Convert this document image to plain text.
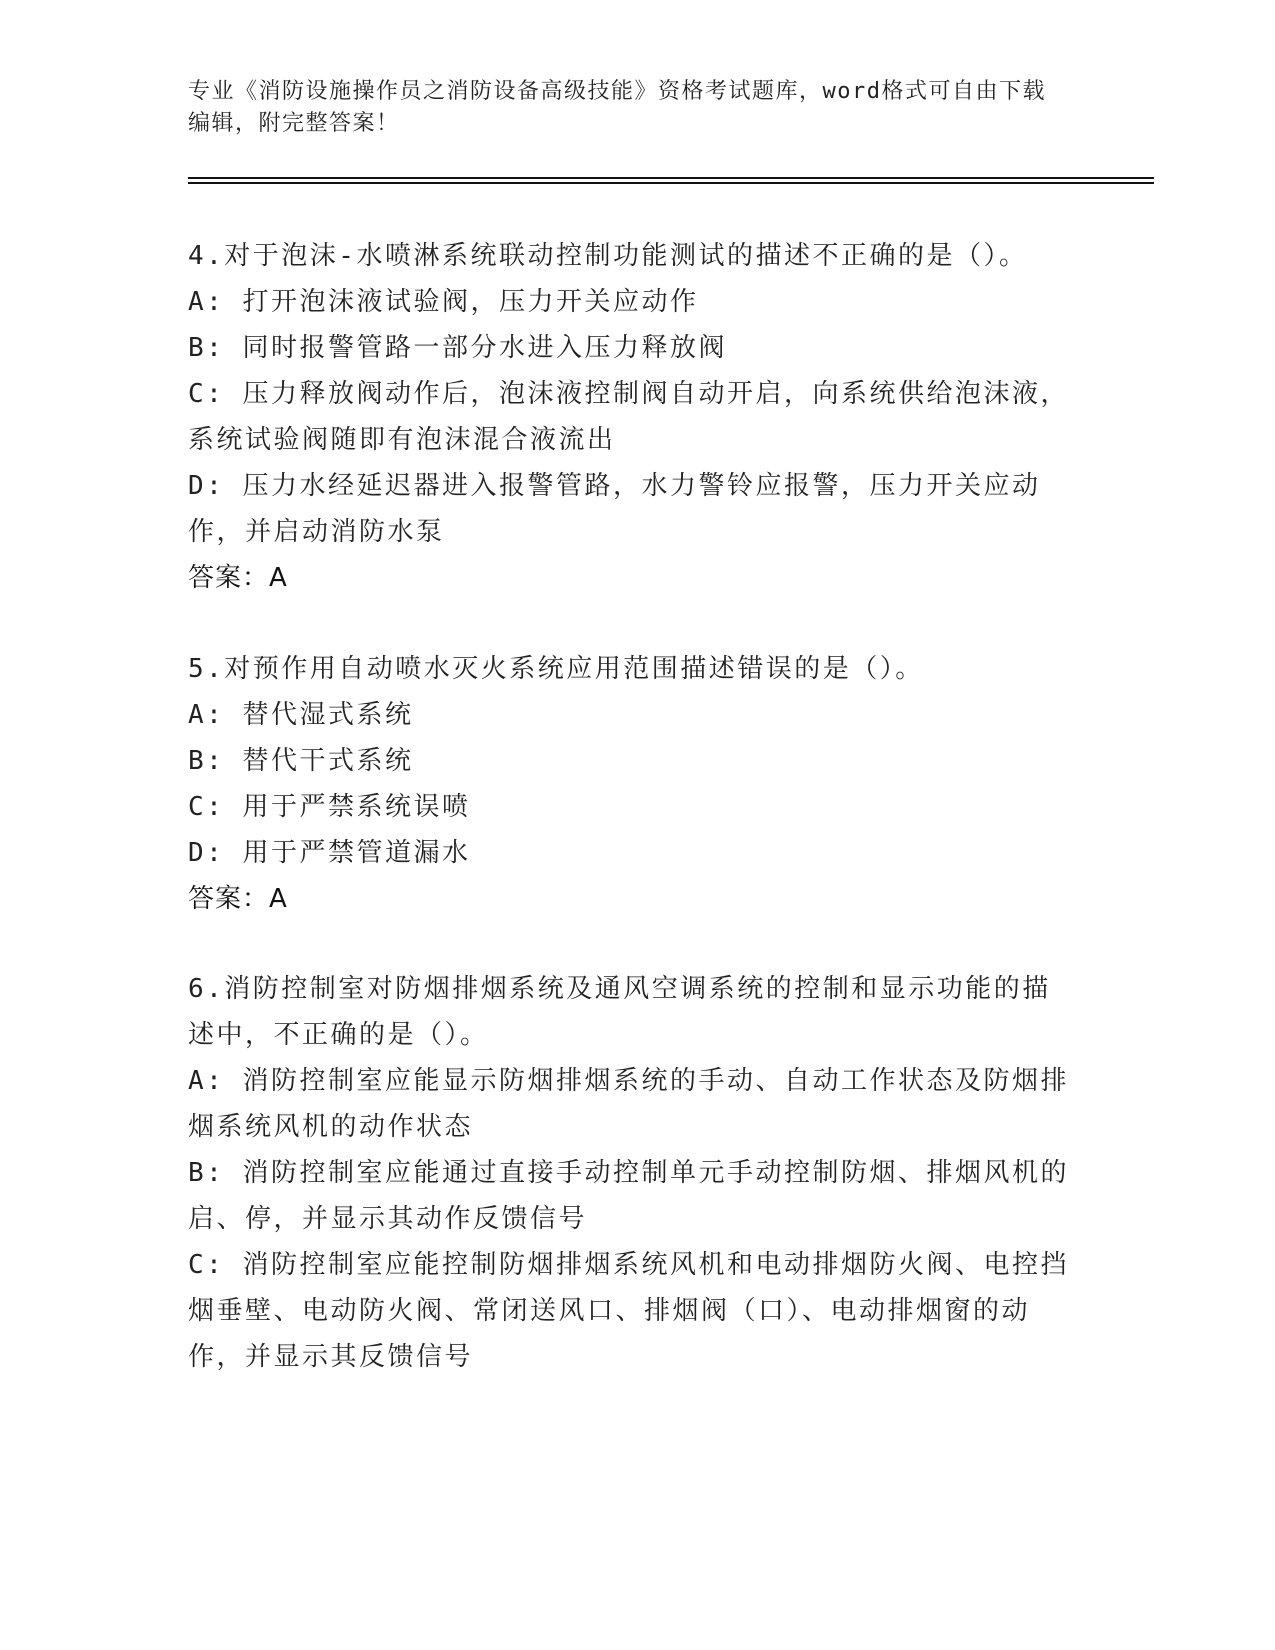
专业《消防设施操作员之消防设备高级技能》资格考试题库，word格式可自由下载编辑，附完整答案！

4.对于泡沫-水喷淋系统联动控制功能测试的描述不正确的是（）。

A: 打开泡沫液试验阀，压力开关应动作

B: 同时报警管路一部分水进入压力释放阀

C: 压力释放阀动作后，泡沫液控制阀自动开启，向系统供给泡沫液，系统试验阀随即有泡沫混合液流出

D: 压力水经延迟器进入报警管路，水力警铃应报警，压力开关应动作，并启动消防水泵

答案：A

5.对预作用自动喷水灭火系统应用范围描述错误的是（）。

A: 替代湿式系统

B: 替代干式系统

C: 用于严禁系统误喷

D: 用于严禁管道漏水

答案：A

6.消防控制室对防烟排烟系统及通风空调系统的控制和显示功能的描述中，不正确的是（）。

A: 消防控制室应能显示防烟排烟系统的手动、自动工作状态及防烟排烟系统风机的动作状态

B: 消防控制室应能通过直接手动控制单元手动控制防烟、排烟风机的启、停，并显示其动作反馈信号

C: 消防控制室应能控制防烟排烟系统风机和电动排烟防火阀、电控挡烟垂壁、电动防火阀、常闭送风口、排烟阀（口）、电动排烟窗的动作，并显示其反馈信号
